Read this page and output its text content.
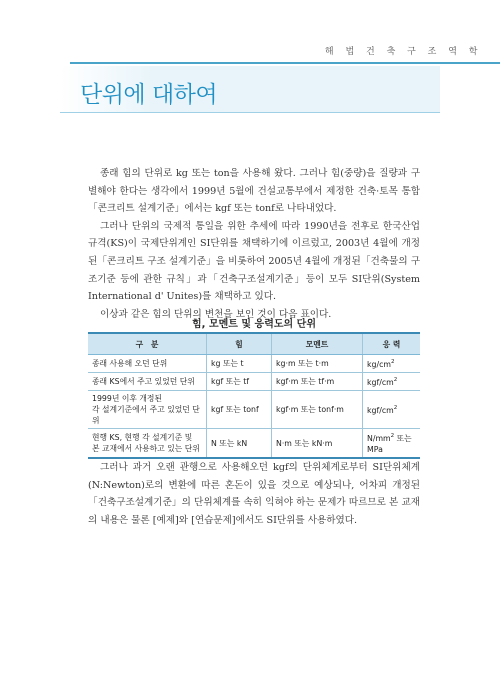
해 법 건 축 구 조 역 학
단위에 대하여

종래 힘의 단위로 kg 또는 ton을 사용해 왔다. 그러나 힘(중량)을 질량과 구별해야 한다는 생각에서 1999년 5월에 건설교통부에서 제정한 건축·토목 통합「콘크리트 설계기준」에서는 kgf 또는 tonf로 나타내었다.

그러나 단위의 국제적 통일을 위한 추세에 따라 1990년을 전후로 한국산업규격(KS)이 국제단위계인 SI단위를 채택하기에 이르렀고, 2003년 4월에 개정된「콘크리트 구조 설계기준」을 비롯하여 2005년 4월에 개정된「건축물의 구조기준 등에 관한 규칙」과「건축구조설계기준」등이 모두 SI단위(System International d' Unites)를 채택하고 있다.

이상과 같은 힘의 단위의 변천을 보인 것이 다음 표이다.

힘, 모멘트 및 응력도의 단위
구　분	힘	모멘트	응 력
종래 사용해 오던 단위	kg 또는 t	kg·m 또는 t·m	$kg/cm^2$
종래 KS에서 주고 있었던 단위	kgf 또는 tf	kgf·m 또는 tf·m	kgf/$cm^2$
1999년 이후 개정된
각 설계기준에서 주고 있었던 단위	kgf 또는 tonf	kgf·m 또는 tonf·m	kgf/$cm^2$
현행 KS, 현행 각 설계기준 및
본 교재에서 사용하고 있는 단위	N 또는 kN	N·m 또는 kN·m	$N/mm^2$ 또는 MPa

그러나 과거 오랜 관행으로 사용해오던 kgf의 단위체계로부터 SI단위체계(N:Newton)로의 변환에 따른 혼돈이 있을 것으로 예상되나, 어차피 개정된「건축구조설계기준」의 단위체계를 속히 익혀야 하는 문제가 따르므로 본 교재의 내용은 물론 [예제]와 [연습문제]에서도 SI단위를 사용하였다.
